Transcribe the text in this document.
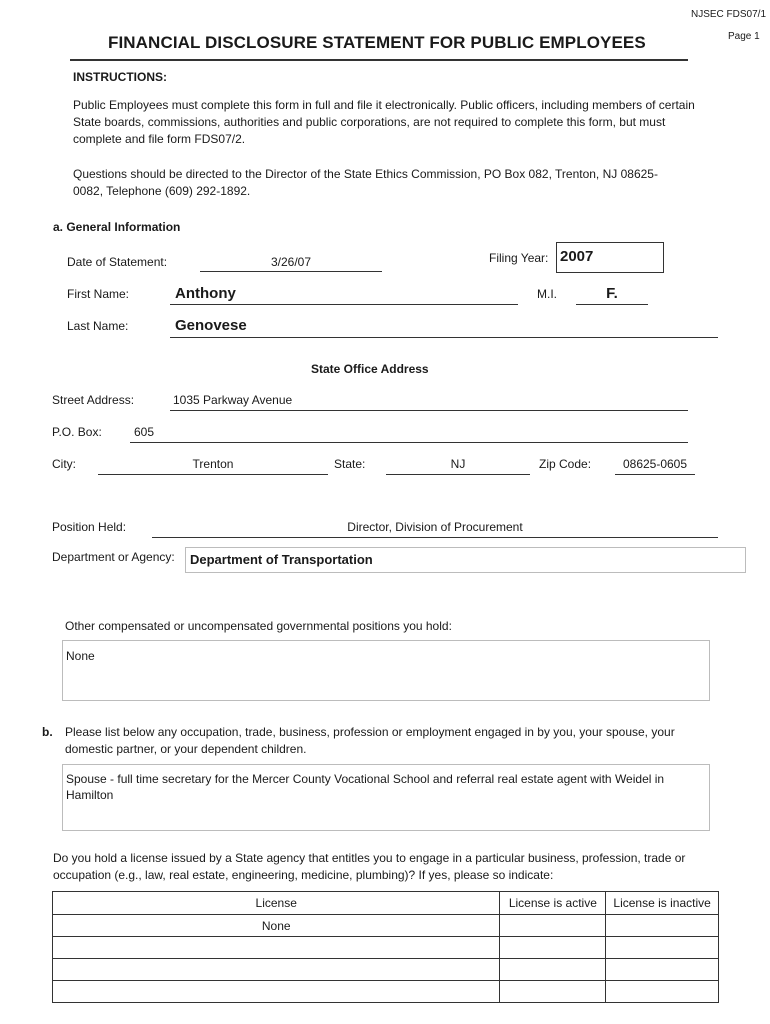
NJSEC FDS07/1
Page 1
FINANCIAL DISCLOSURE STATEMENT FOR PUBLIC EMPLOYEES
INSTRUCTIONS:
Public Employees must complete this form in full and file it electronically. Public officers, including members of certain State boards, commissions, authorities and public corporations, are not required to complete this form, but must complete and file form FDS07/2.
Questions should be directed to the Director of the State Ethics Commission, PO Box 082, Trenton, NJ 08625-0082, Telephone (609) 292-1892.
a. General Information
Date of Statement:	3/26/07	Filing Year: 2007
First Name:	Anthony	M.I.	F.
Last Name:	Genovese
State Office Address
Street Address:	1035 Parkway Avenue
P.O. Box:	605
City:	Trenton	State:	NJ	Zip Code:	08625-0605
Position Held:	Director, Division of Procurement
Department or Agency: Department of Transportation
Other compensated or uncompensated governmental positions you hold:
None
b. Please list below any occupation, trade, business, profession or employment engaged in by you, your spouse, your domestic partner, or your dependent children.
Spouse - full time secretary for the Mercer County Vocational School and referral real estate agent with Weidel in Hamilton
Do you hold a license issued by a State agency that entitles you to engage in a particular business, profession, trade or occupation (e.g., law, real estate, engineering, medicine, plumbing)? If yes, please so indicate:
License	License is active	License is inactive
None		
